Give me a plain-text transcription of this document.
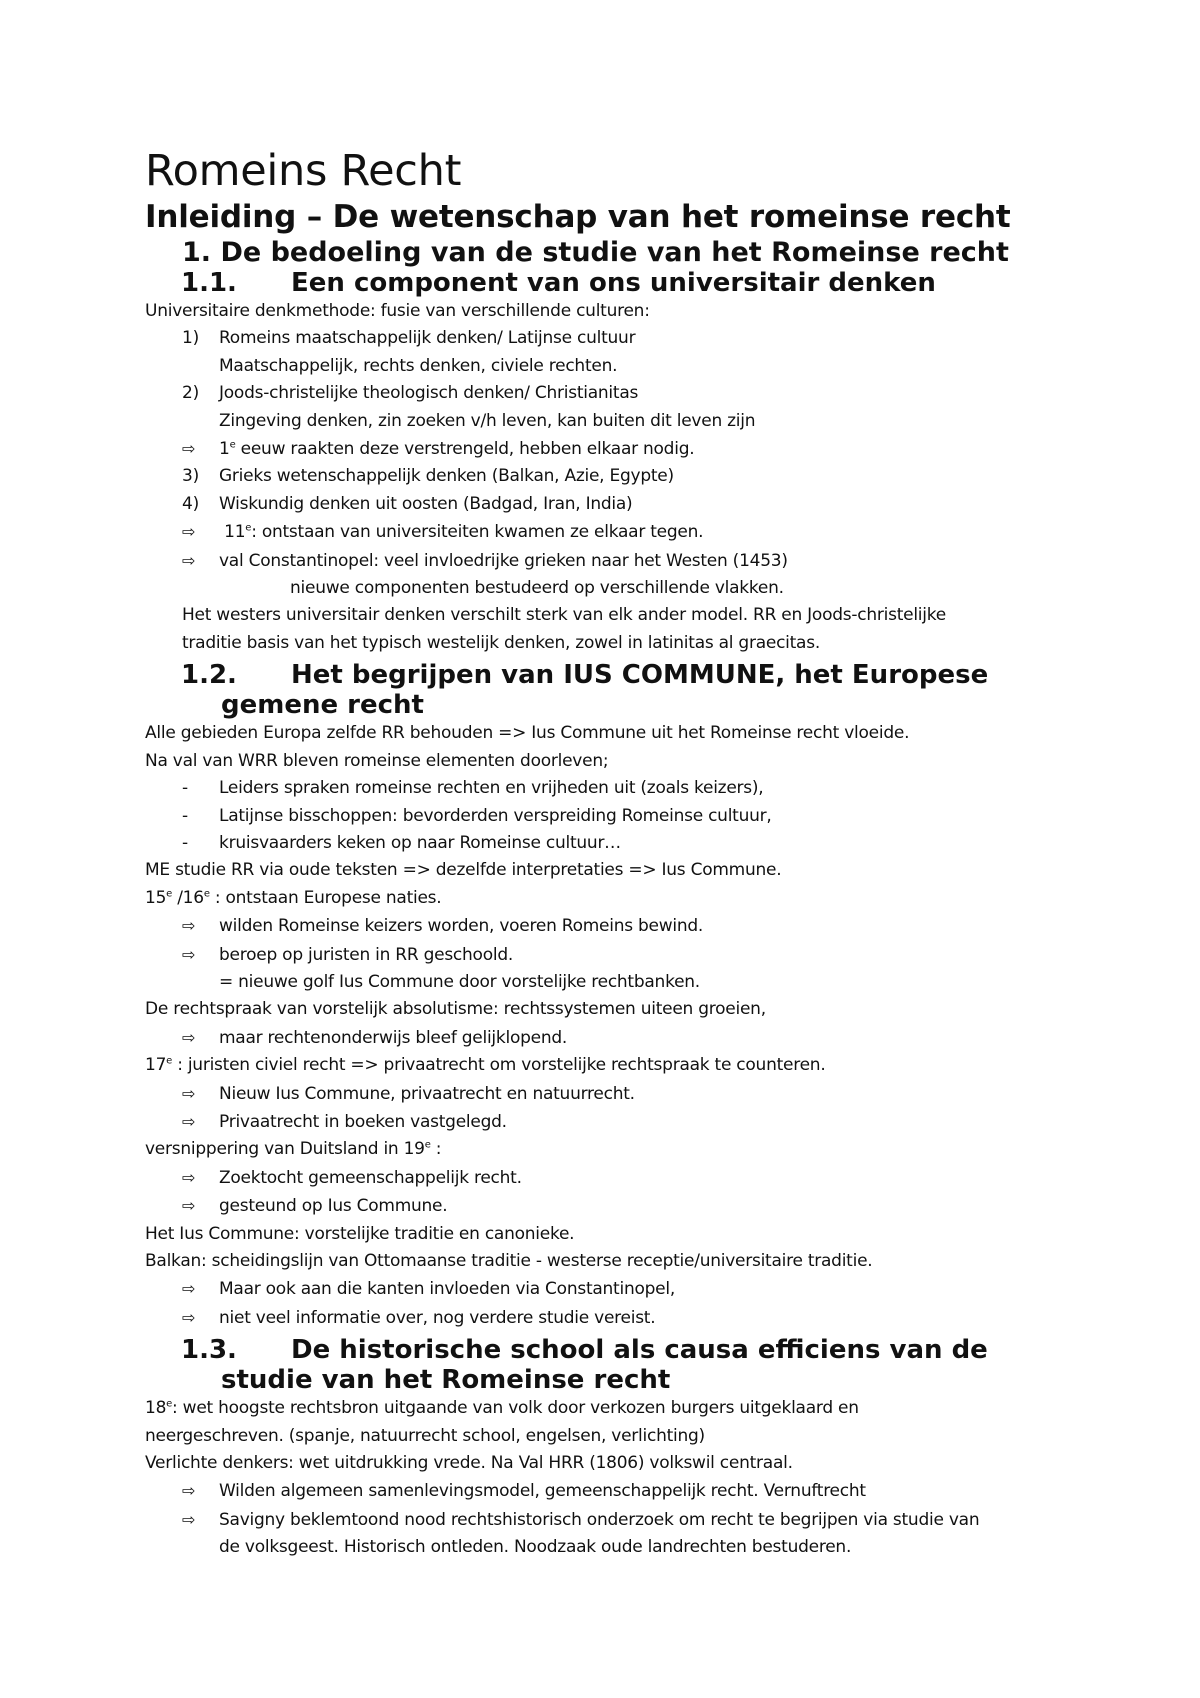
Romeins Recht
Inleiding – De wetenschap van het romeinse recht
1. De bedoeling van de studie van het Romeinse recht
1.1. Een component van ons universitair denken
Universitaire denkmethode: fusie van verschillende culturen:
1) Romeins maatschappelijk denken/ Latijnse cultuur
Maatschappelijk, rechts denken, civiele rechten.
2) Joods-christelijke theologisch denken/ Christianitas
Zingeving denken, zin zoeken v/h leven, kan buiten dit leven zijn
⇨ 1e eeuw raakten deze verstrengeld, hebben elkaar nodig.
3) Grieks wetenschappelijk denken (Balkan, Azie, Egypte)
4) Wiskundig denken uit oosten (Badgad, Iran, India)
⇨ 11e: ontstaan van universiteiten kwamen ze elkaar tegen.
⇨ val Constantinopel: veel invloedrijke grieken naar het Westen (1453)
nieuwe componenten bestudeerd op verschillende vlakken.
Het westers universitair denken verschilt sterk van elk ander model. RR en Joods-christelijke
traditie basis van het typisch westelijk denken, zowel in latinitas al graecitas.
1.2. Het begrijpen van IUS COMMUNE, het Europese
gemene recht
Alle gebieden Europa zelfde RR behouden => Ius Commune uit het Romeinse recht vloeide.
Na val van WRR bleven romeinse elementen doorleven;
- Leiders spraken romeinse rechten en vrijheden uit (zoals keizers),
- Latijnse bisschoppen: bevorderden verspreiding Romeinse cultuur,
- kruisvaarders keken op naar Romeinse cultuur…
ME studie RR via oude teksten => dezelfde interpretaties => Ius Commune.
15e /16e : ontstaan Europese naties.
⇨ wilden Romeinse keizers worden, voeren Romeins bewind.
⇨ beroep op juristen in RR geschoold.
= nieuwe golf Ius Commune door vorstelijke rechtbanken.
De rechtspraak van vorstelijk absolutisme: rechtssystemen uiteen groeien,
⇨ maar rechtenonderwijs bleef gelijklopend.
17e : juristen civiel recht => privaatrecht om vorstelijke rechtspraak te counteren.
⇨ Nieuw Ius Commune, privaatrecht en natuurrecht.
⇨ Privaatrecht in boeken vastgelegd.
versnippering van Duitsland in 19e :
⇨ Zoektocht gemeenschappelijk recht.
⇨ gesteund op Ius Commune.
Het Ius Commune: vorstelijke traditie en canonieke.
Balkan: scheidingslijn van Ottomaanse traditie - westerse receptie/universitaire traditie.
⇨ Maar ook aan die kanten invloeden via Constantinopel,
⇨ niet veel informatie over, nog verdere studie vereist.
1.3. De historische school als causa efficiens van de
studie van het Romeinse recht
18e: wet hoogste rechtsbron uitgaande van volk door verkozen burgers uitgeklaard en
neergeschreven. (spanje, natuurrecht school, engelsen, verlichting)
Verlichte denkers: wet uitdrukking vrede. Na Val HRR (1806) volkswil centraal.
⇨ Wilden algemeen samenlevingsmodel, gemeenschappelijk recht. Vernuftrecht
⇨ Savigny beklemtoond nood rechtshistorisch onderzoek om recht te begrijpen via studie van
de volksgeest. Historisch ontleden. Noodzaak oude landrechten bestuderen.
